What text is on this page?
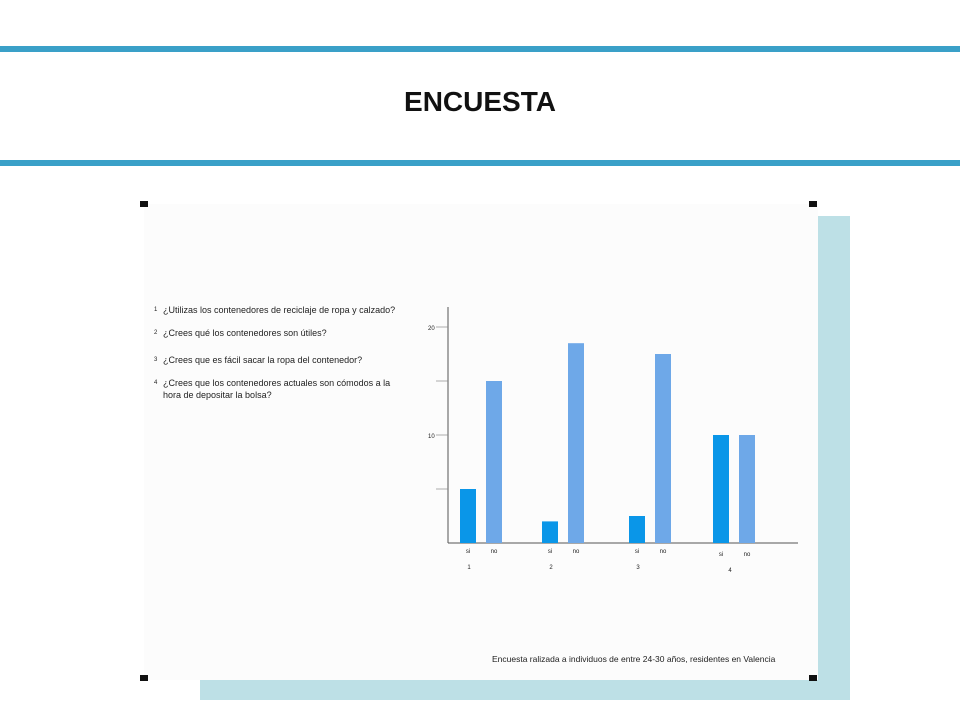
ENCUESTA
1 ¿Utilizas los contenedores de reciclaje de ropa y calzado?
2 ¿Crees qué los contenedores son útiles?
3 ¿Crees que es fácil sacar la ropa del contenedor?
4 ¿Crees que los contenedores actuales son cómodos a la hora de depositar la bolsa?
10
20
si	no
1
si	no
2
si	no
3
si	no
4
Encuesta ralizada a individuos de entre 24-30 años, residentes en Valencia
